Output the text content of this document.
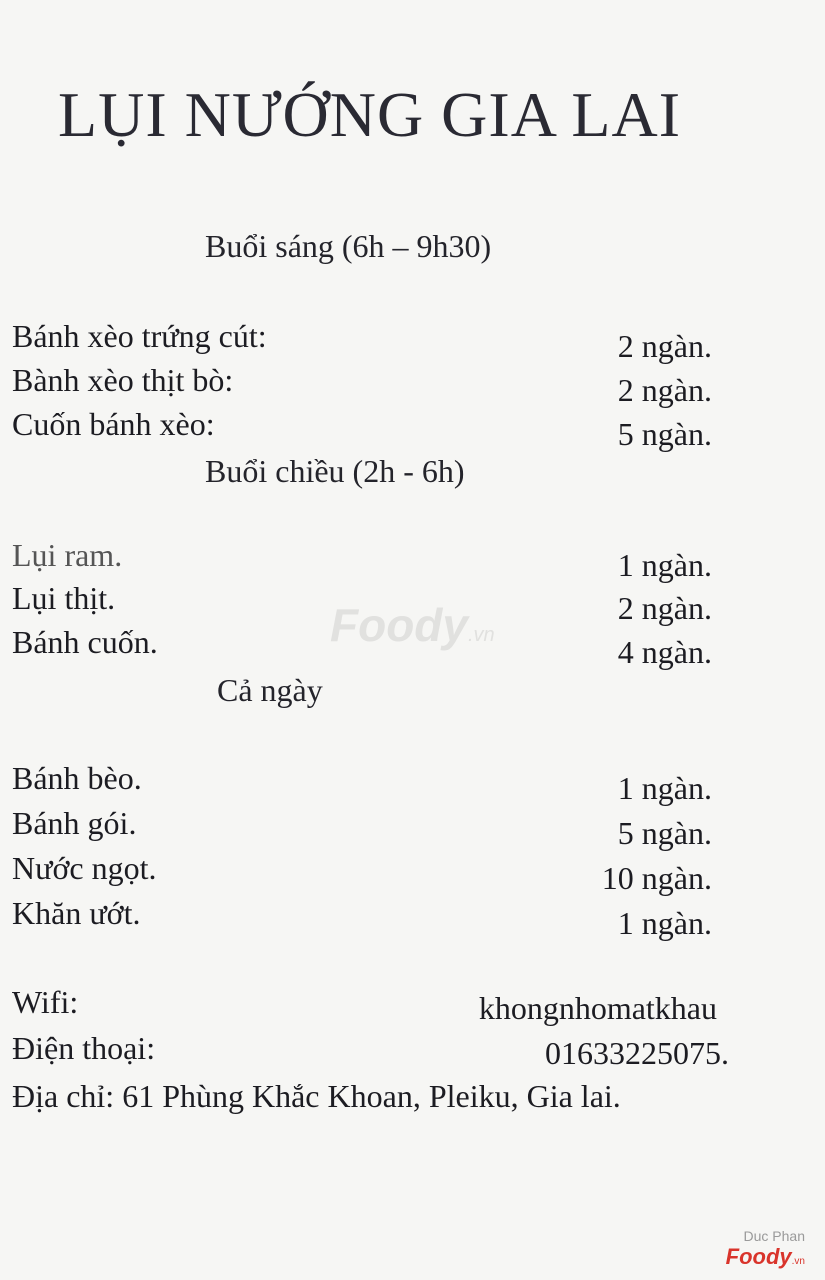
LỤI NƯỚNG GIA LAI
Buổi sáng (6h – 9h30)
Bánh xèo trứng cút:	2 ngàn.
Bành xèo thịt bò:	2 ngàn.
Cuốn bánh xèo:	5 ngàn.
Buổi chiều (2h - 6h)
Lụi ram.	1 ngàn.
Lụi thịt.	2 ngàn.
Bánh cuốn.	4 ngàn.
Cả ngày
Bánh bèo.	1 ngàn.
Bánh gói.	5 ngàn.
Nước ngọt.	10 ngàn.
Khăn ướt.	1 ngàn.
Wifi:	khongnhomatkhau
Điện thoại:	01633225075.
Địa chỉ: 61 Phùng Khắc Khoan, Pleiku, Gia lai.
Foody.vn
Duc Phan
Foody.vn
